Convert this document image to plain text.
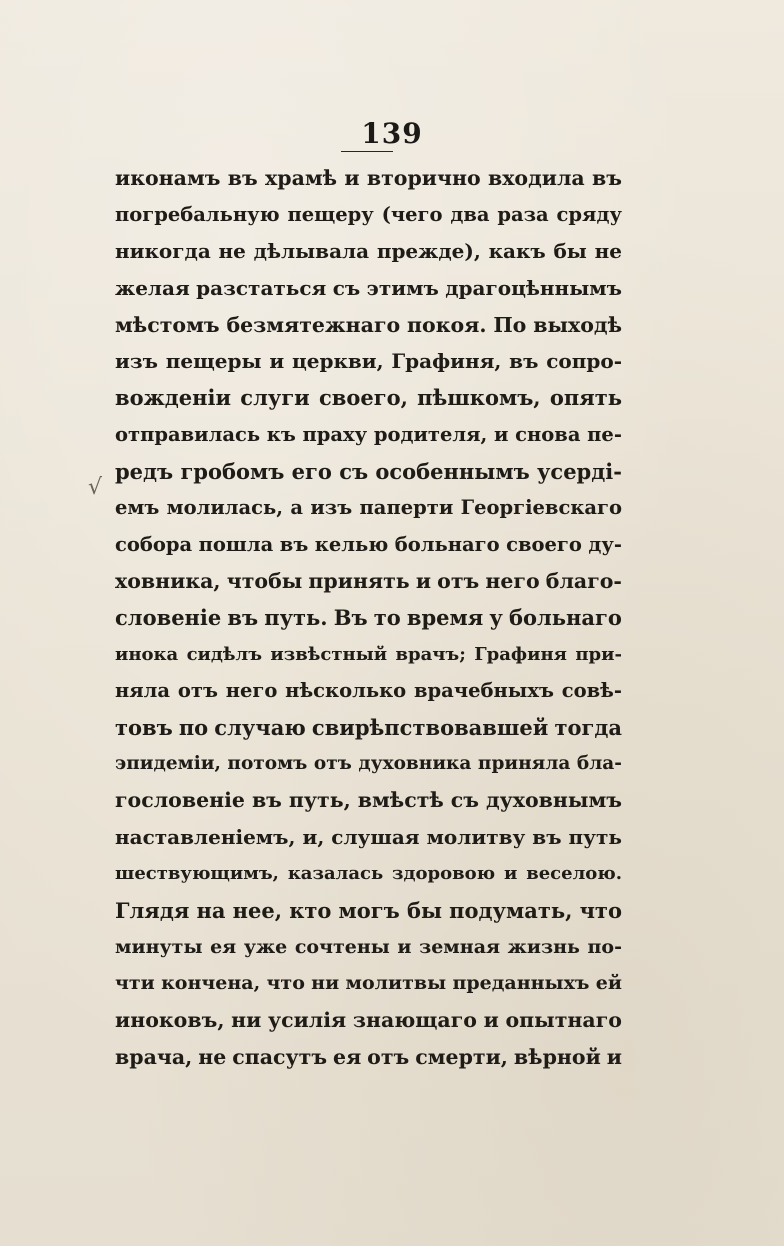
139
√
иконамъ въ храмѣ и вторично входила въ
погребальную пещеру (чего два раза сряду
никогда не дѣлывала прежде), какъ бы не
желая разстаться съ этимъ драгоцѣннымъ
мѣстомъ безмятежнаго покоя. По выходѣ
изъ пещеры и церкви, Графиня, въ сопро-
вожденіи слуги своего, пѣшкомъ, опять
отправилась къ праху родителя, и снова пе-
редъ гробомъ его съ особеннымъ усерді-
емъ молилась, а изъ паперти Георгіевскаго
собора пошла въ келью больнаго своего ду-
ховника, чтобы принять и отъ него благо-
словеніе въ путь. Въ то время у больнаго
инока сидѣлъ извѣстный врачъ; Графиня при-
няла отъ него нѣсколько врачебныхъ совѣ-
товъ по случаю свирѣпствовавшей тогда
эпидеміи, потомъ отъ духовника приняла бла-
гословеніе въ путь, вмѣстѣ съ духовнымъ
наставленіемъ, и, слушая молитву въ путь
шествующимъ, казалась здоровою и веселою.
Глядя на нее, кто могъ бы подумать, что
минуты ея уже сочтены и земная жизнь по-
чти кончена, что ни молитвы преданныхъ ей
иноковъ, ни усилія знающаго и опытнаго
врача, не спасутъ ея отъ смерти, вѣрной и
